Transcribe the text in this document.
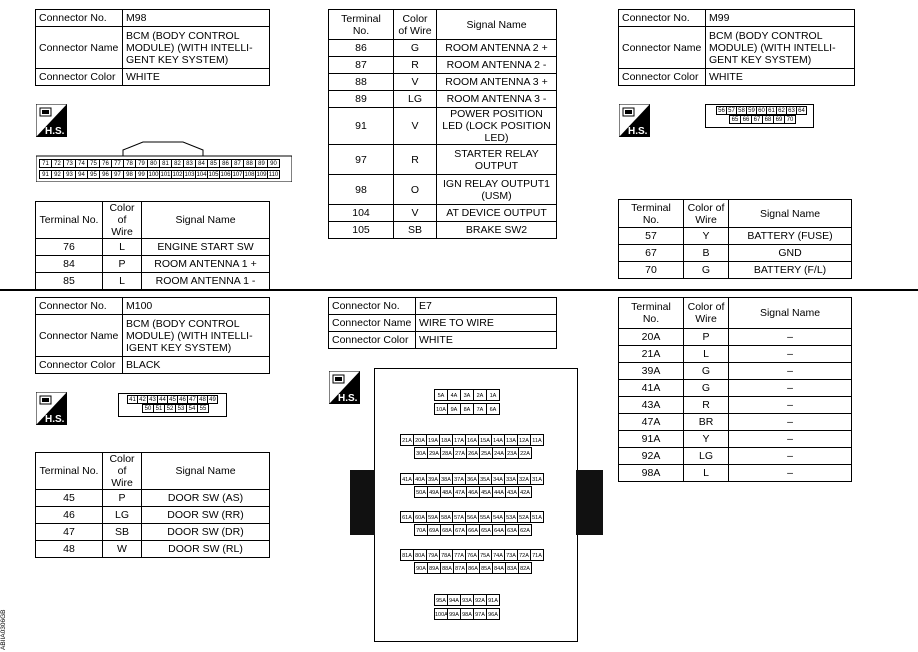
Connector No.	M98
Connector Name	BCM (BODY CONTROL MODULE) (WITH INTELLI-GENT KEY SYSTEM)
Connector Color	WHITE
H.S.
71 72 73 74 75 76 77 78 79 80 81 82 83 84 85 86 87 88 89 90
91 92 93 94 95 96 97 98 99 100 101 102 103 104 105 106 107 108 109 110
Terminal No.	Color of Wire	Signal Name
76	L	ENGINE START SW
84	P	ROOM ANTENNA 1 +
85	L	ROOM ANTENNA 1 -
Terminal No.	Color of Wire	Signal Name
86	G	ROOM ANTENNA 2 +
87	R	ROOM ANTENNA 2 -
88	V	ROOM ANTENNA 3 +
89	LG	ROOM ANTENNA 3 -
91	V	POWER POSITION LED (LOCK POSITION LED)
97	R	STARTER RELAY OUTPUT
98	O	IGN RELAY OUTPUT1 (USM)
104	V	AT DEVICE OUTPUT
105	SB	BRAKE SW2
Connector No.	M99
Connector Name	BCM (BODY CONTROL MODULE) (WITH INTELLI-GENT KEY SYSTEM)
Connector Color	WHITE
H.S.
56 57 58 59 60 61 62 63 64
65 66 67 68 69 70
Terminal No.	Color of Wire	Signal Name
57	Y	BATTERY (FUSE)
67	B	GND
70	G	BATTERY (F/L)
Connector No.	M100
Connector Name	BCM (BODY CONTROL MODULE) (WITH INTELLI-IGENT KEY SYSTEM)
Connector Color	BLACK
H.S.
41 42 43 44 45 46 47 48 49
50 51 52 53 54 55
Terminal No.	Color of Wire	Signal Name
45	P	DOOR SW (AS)
46	LG	DOOR SW (RR)
47	SB	DOOR SW (DR)
48	W	DOOR SW (RL)
Connector No.	E7
Connector Name	WIRE TO WIRE
Connector Color	WHITE
H.S.	5A	4A	3A	2A	1A
10A 9A	8A	7A	6A
21A 20A 19A 18A 17A 16A 15A 14A 13A 12A 11A
30A 29A 28A 27A 26A 25A 24A 23A 22A
41A 40A 39A 38A 37A 36A 35A 34A 33A 32A 31A
50A 49A 48A 47A 46A 45A 44A 43A 42A
61A 60A 59A 58A 57A 56A 55A 54A 53A 52A 51A
70A 69A 68A 67A 66A 65A 64A 63A 62A
81A 80A 79A 78A 77A 76A 75A 74A 73A 72A 71A
90A 89A 88A 87A 86A 85A 84A 83A 82A
95A 94A 93A 92A 91A
100A 99A 98A 97A 96A
Terminal No.	Color of Wire	Signal Name
20A	P	–
21A	L	–
39A	G	–
41A	G	–
43A	R	–
47A	BR	–
91A	Y	–
92A	LG	–
98A	L	–
ABIIA0306GB
